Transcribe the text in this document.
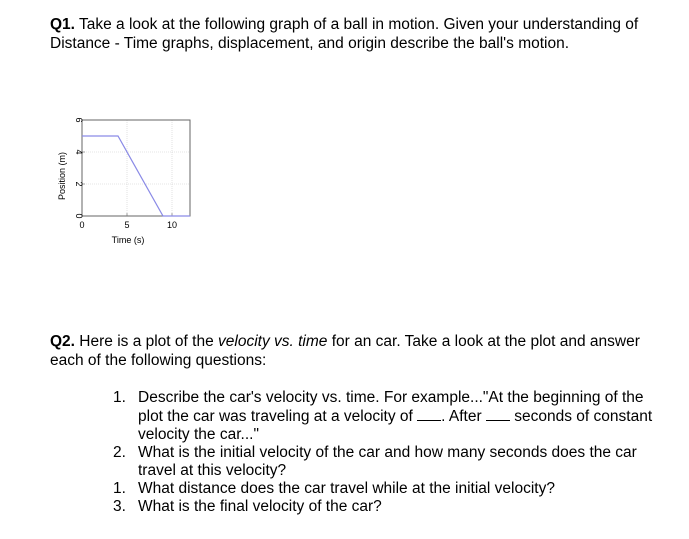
Q1. Take a look at the following graph of a ball in motion. Given your understanding of Distance - Time graphs, displacement, and origin describe the ball's motion.
0	5	10
0
2
4
6
Time (s)
Position (m)
Q2. Here is a plot of the velocity vs. time for an car. Take a look at the plot and answer each of the following questions:
1. Describe the car's velocity vs. time. For example..."At the beginning of the plot the car was traveling at a velocity of . After  seconds of constant velocity the car..."
2. What is the initial velocity of the car and how many seconds does the car travel at this velocity?
1. What distance does the car travel while at the initial velocity?
3. What is the final velocity of the car?
